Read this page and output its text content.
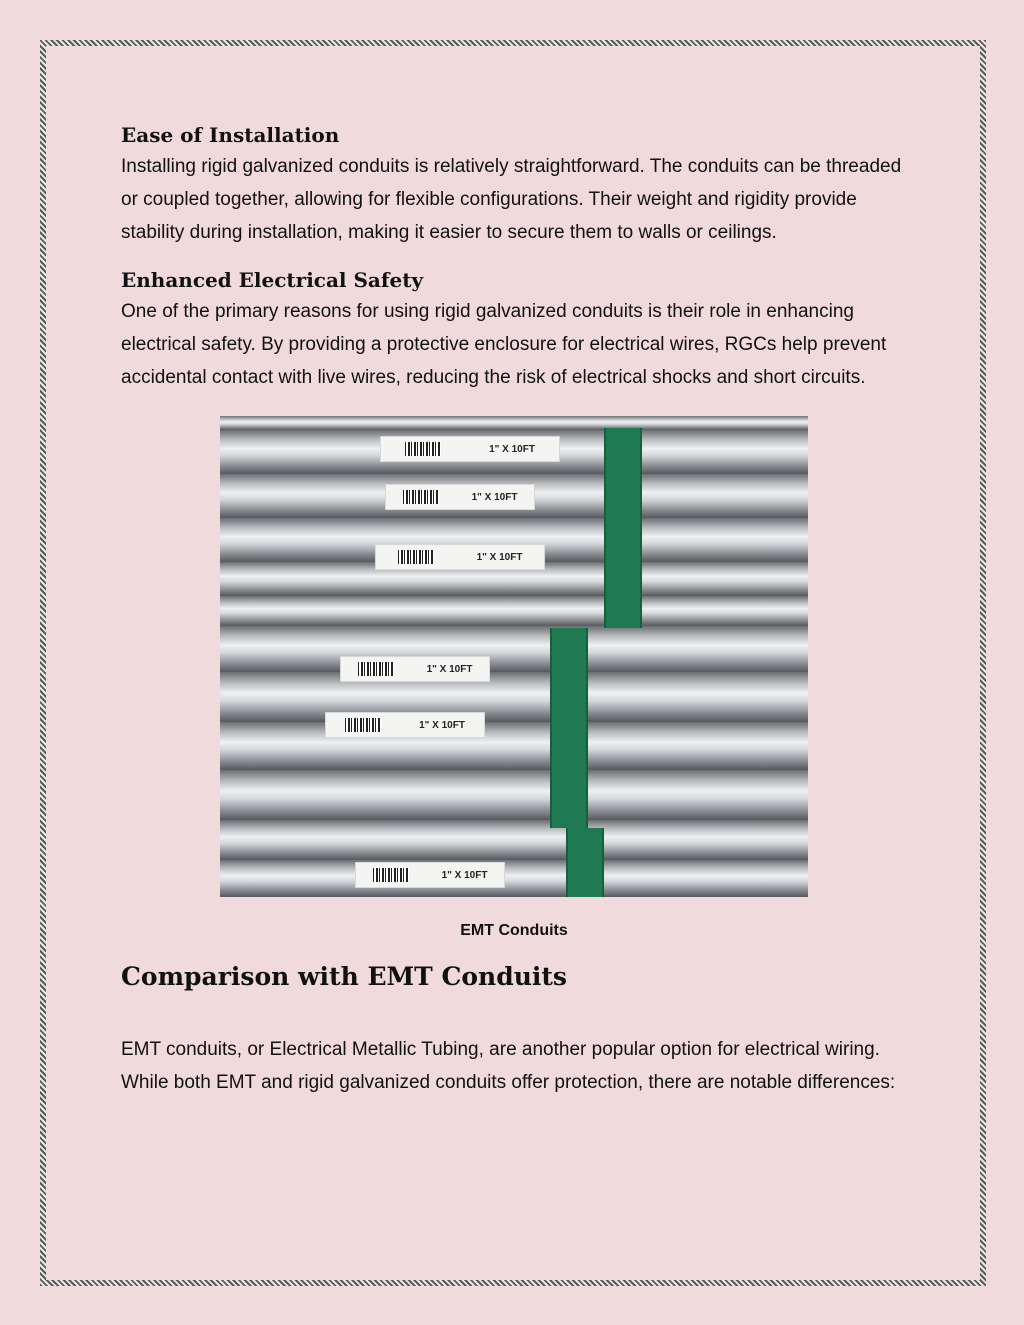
Ease of Installation

Installing rigid galvanized conduits is relatively straightforward. The conduits can be threaded or coupled together, allowing for flexible configurations. Their weight and rigidity provide stability during installation, making it easier to secure them to walls or ceilings.

Enhanced Electrical Safety

One of the primary reasons for using rigid galvanized conduits is their role in enhancing electrical safety. By providing a protective enclosure for electrical wires, RGCs help prevent accidental contact with live wires, reducing the risk of electrical shocks and short circuits.

1" X 10FT
1" X 10FT
1" X 10FT
1" X 10FT
1" X 10FT
1" X 10FT
EMT Conduits
Comparison with EMT Conduits

EMT conduits, or Electrical Metallic Tubing, are another popular option for electrical wiring. While both EMT and rigid galvanized conduits offer protection, there are notable differences:
